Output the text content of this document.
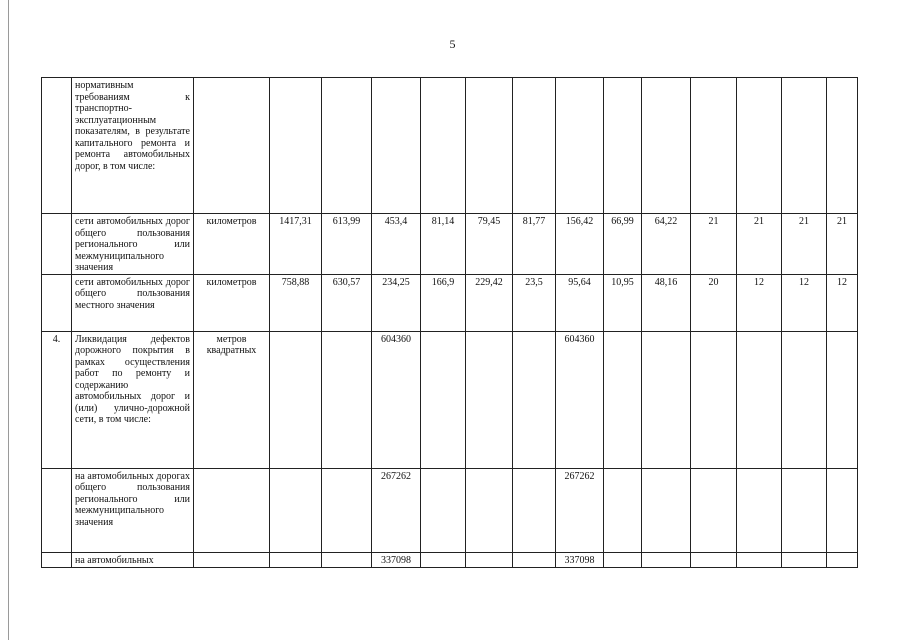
5
	нормативным требованиям к транспортно-эксплуатационным показателям, в результате капитального ремонта и ремонта автомобильных дорог, в том числе:														
	сети автомобильных дорог общего пользования регионального или межмуниципального значения	километров	1417,31	613,99	453,4	81,14	79,45	81,77	156,42	66,99	64,22	21	21	21	21
	сети автомобильных дорог общего пользования местного значения	километров	758,88	630,57	234,25	166,9	229,42	23,5	95,64	10,95	48,16	20	12	12	12
4.	Ликвидация дефектов дорожного покрытия в рамках осуществления работ по ремонту и содержанию автомобильных дорог и (или) улично-дорожной сети, в том числе:	метров квадратных			604360				604360						
	на автомобильных дорогах общего пользования регионального или межмуниципального значения				267262				267262						
	на автомобильных				337098				337098						
